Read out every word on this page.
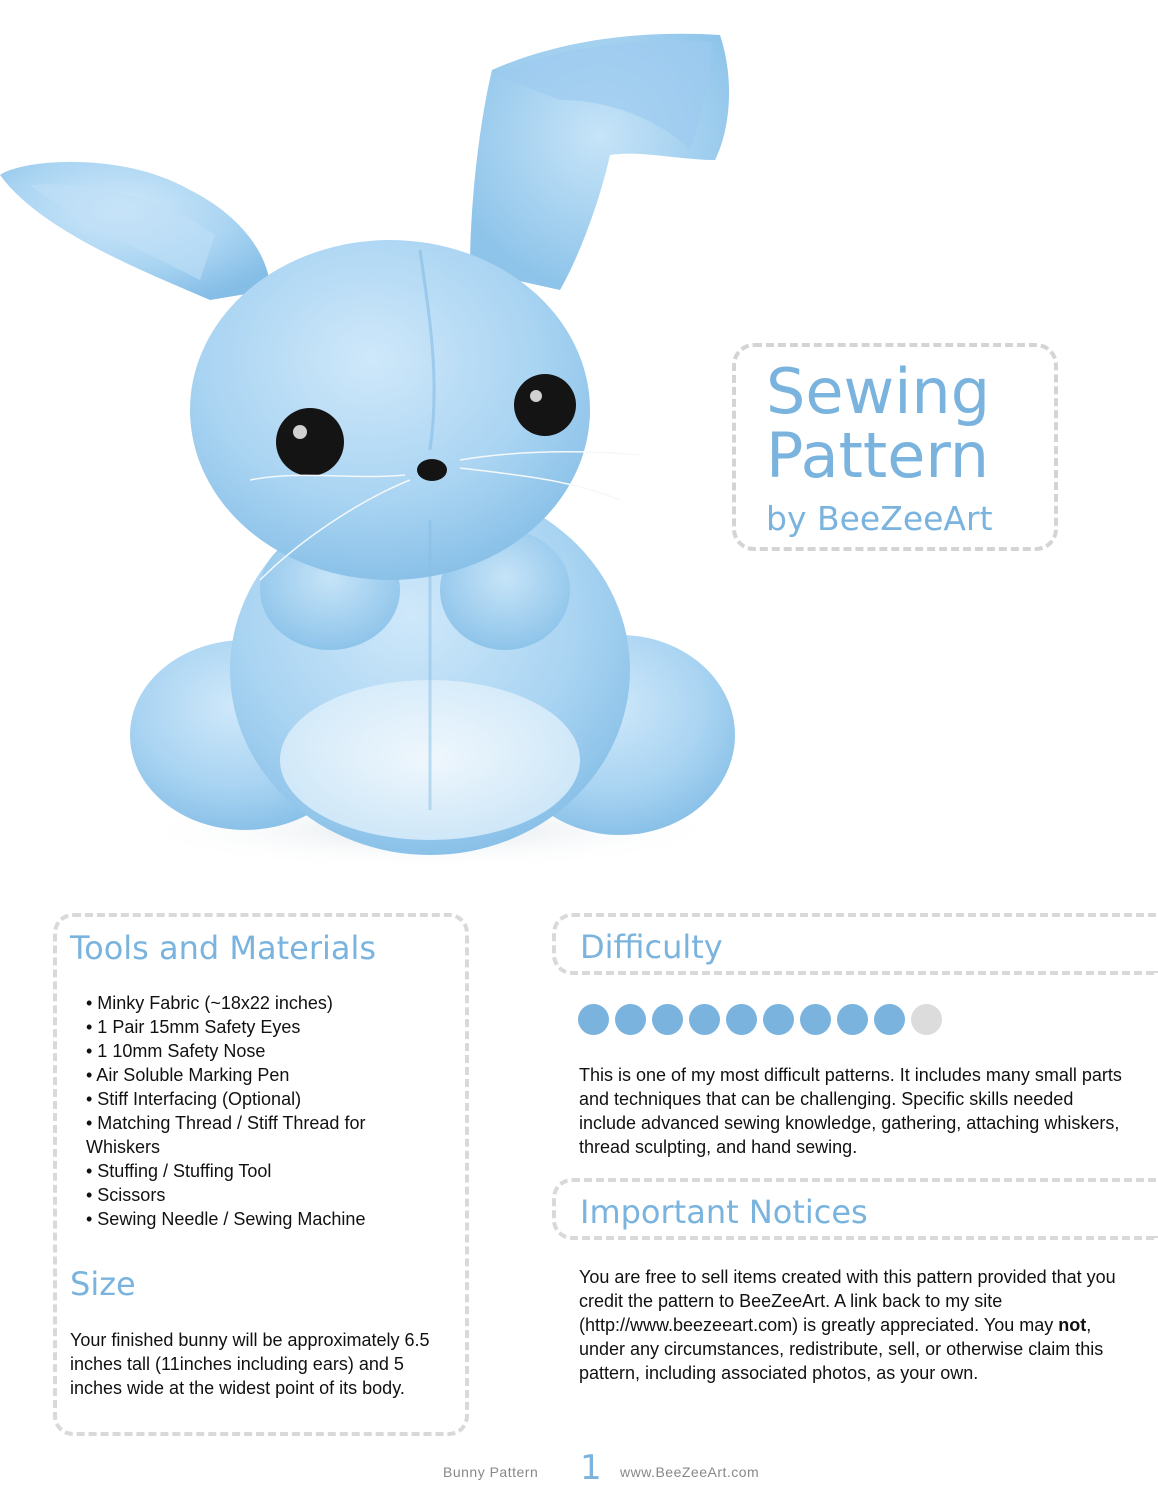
Sewing
Pattern
by BeeZeeArt
Tools and Materials
• Minky Fabric (~18x22 inches)
• 1 Pair 15mm Safety Eyes
• 1 10mm Safety Nose
• Air Soluble Marking Pen
• Stiff Interfacing (Optional)
• Matching Thread / Stiff Thread for Whiskers
• Stuffing / Stuffing Tool
• Scissors
• Sewing Needle / Sewing Machine
Size
Your finished bunny will be approximately 6.5 inches tall (11inches including ears) and 5 inches wide at the widest point of its body.
Difficulty
This is one of my most difficult patterns. It includes many small parts and techniques that can be challenging. Specific skills needed include advanced sewing knowledge, gathering, attaching whiskers, thread sculpting, and hand sewing.
Important Notices
You are free to sell items created with this pattern provided that you credit the pattern to BeeZeeArt. A link back to my site (http://www.beezeeart.com) is greatly appreciated. You may not, under any circumstances, redistribute, sell, or otherwise claim this pattern, including associated photos, as your own.
Bunny Pattern 1 www.BeeZeeArt.com
